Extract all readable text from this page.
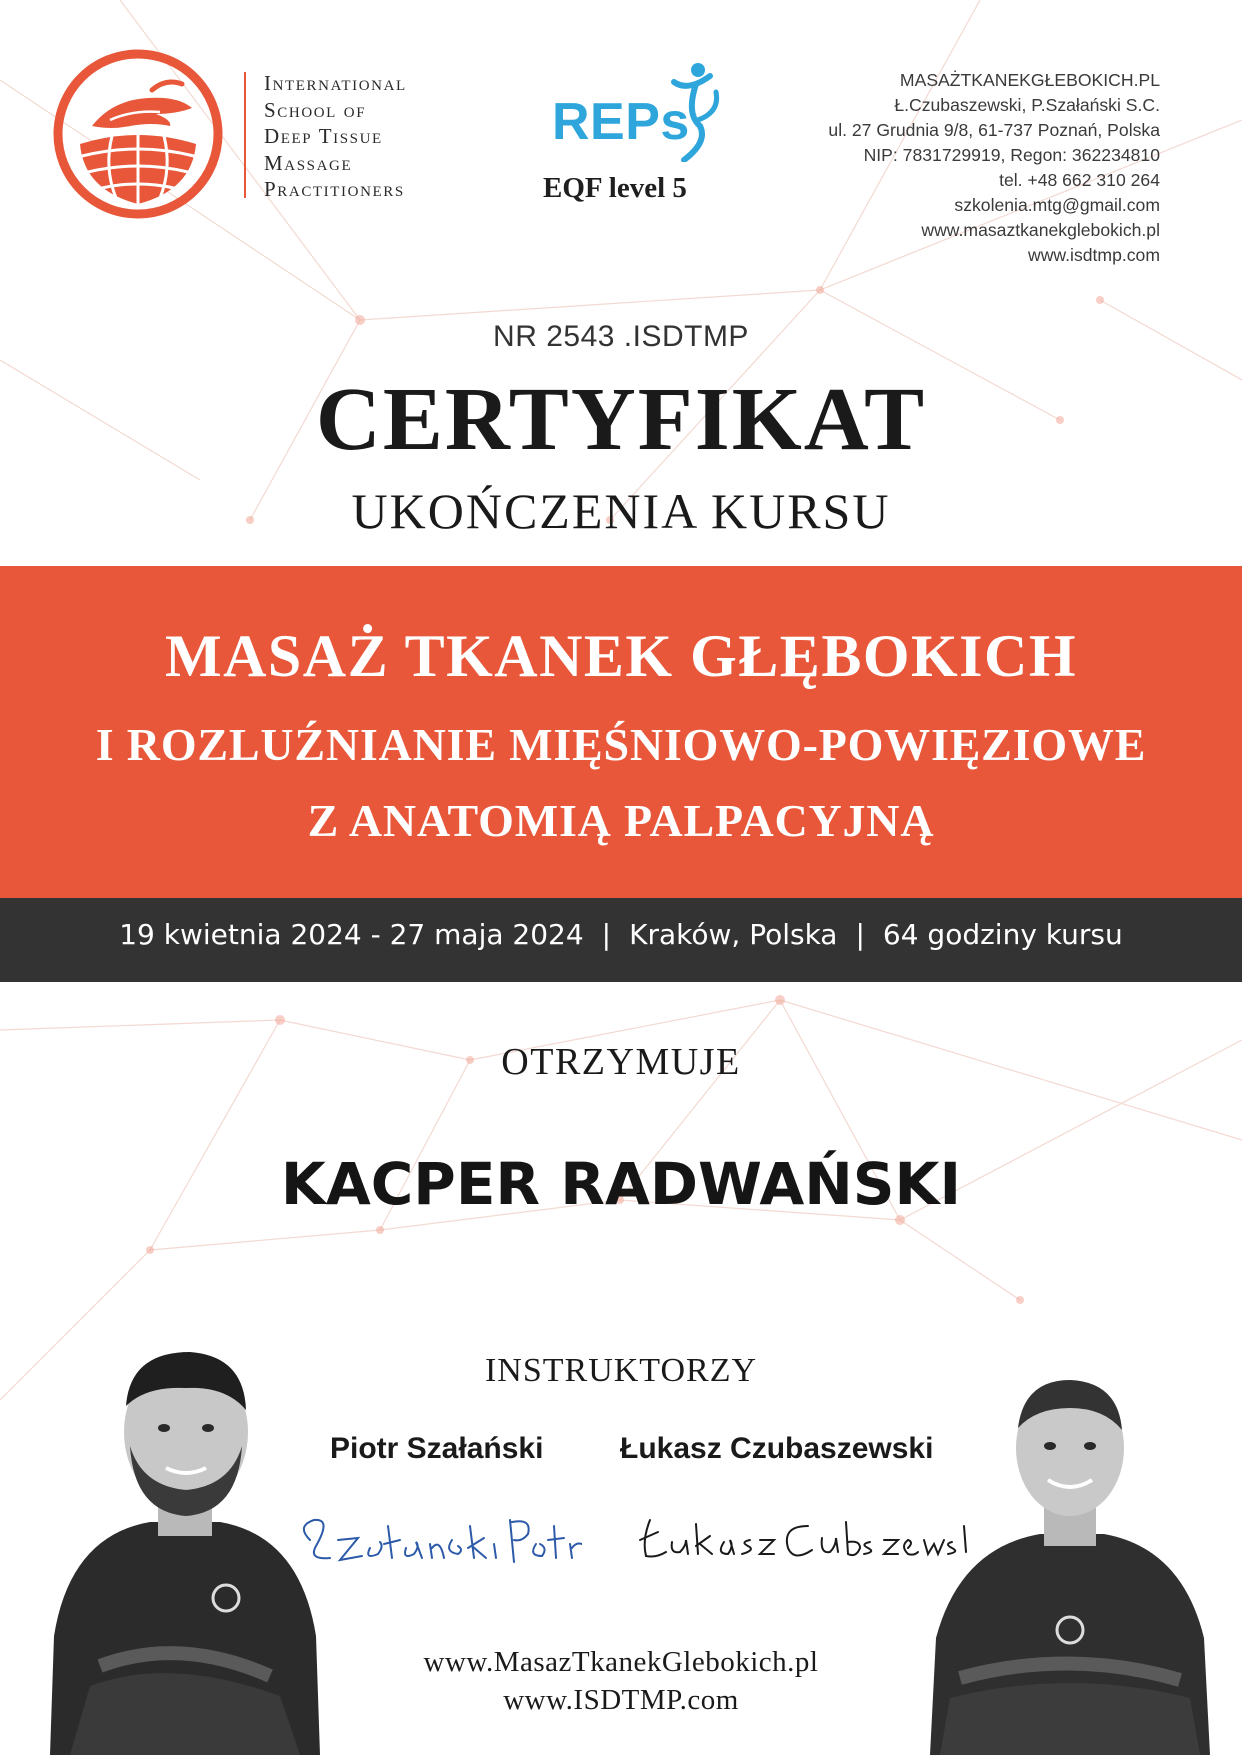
International
School of
Deep Tissue
Massage
Practitioners
REPs
EQF level 5
MASAŻTKANEKGŁEBOKICH.PL
Ł.Czubaszewski, P.Szałański S.C.
ul. 27 Grudnia 9/8, 61-737 Poznań, Polska
NIP: 7831729919, Regon: 362234810
tel. +48 662 310 264
szkolenia.mtg@gmail.com
www.masaztkanekglebokich.pl
www.isdtmp.com
NR 2543 .ISDTMP
CERTYFIKAT
UKOŃCZENIA KURSU
MASAŻ TKANEK GŁĘBOKICH
I ROZLUŹNIANIE MIĘŚNIOWO-POWIĘZIOWE
Z ANATOMIĄ PALPACYJNĄ
19 kwietnia 2024 - 27 maja 2024 | Kraków, Polska | 64 godziny kursu
OTRZYMUJE
KACPER RADWAŃSKI
INSTRUKTORZY
Piotr Szałański	Łukasz Czubaszewski
www.MasazTkanekGlebokich.pl
www.ISDTMP.com
